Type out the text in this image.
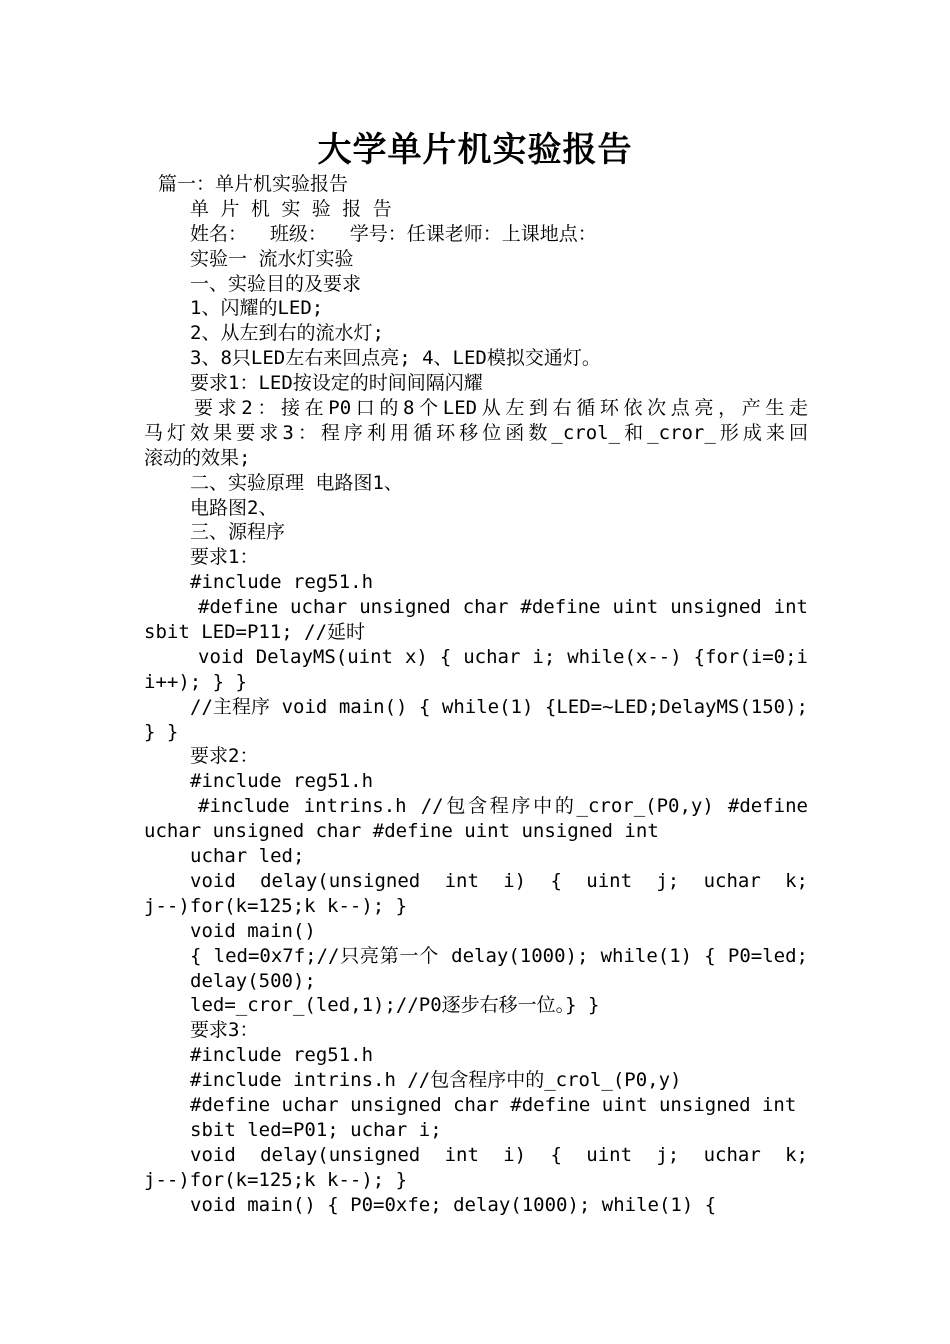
大学单片机实验报告
篇一：单片机实验报告
单 片 机 实 验 报 告
姓名：  班级：  学号：任课老师：上课地点：
实验一 流水灯实验
一、实验目的及要求
1、闪耀的LED;
2、从左到右的流水灯;
3、8只LED左右来回点亮; 4、LED模拟交通灯。
要求1：LED按设定的时间间隔闪耀
要求2：接在P0口的8个LED从左到右循环依次点亮，产生走
马灯效果要求3：程序利用循环移位函数_crol_和_cror_形成来回
滚动的效果;
二、实验原理 电路图1、
电路图2、
三、源程序
要求1：
#include reg51.h
#define uchar unsigned char #define uint unsigned int
sbit LED=P11; //延时
void DelayMS(uint x) { uchar i; while(x--) {for(i=0;i
i++); } }
//主程序 void main() { while(1) {LED=~LED;DelayMS(150);
} }
要求2：
#include reg51.h
#include intrins.h //包含程序中的_cror_(P0,y) #define
uchar unsigned char #define uint unsigned int
uchar led;
void delay(unsigned int i) { uint j; uchar k;
j--)for(k=125;k k--); }
void main()
{ led=0x7f;//只亮第一个 delay(1000); while(1) { P0=led;
delay(500);
led=_cror_(led,1);//P0逐步右移一位。} }
要求3：
#include reg51.h
#include intrins.h //包含程序中的_crol_(P0,y)
#define uchar unsigned char #define uint unsigned int
sbit led=P01; uchar i;
void delay(unsigned int i) { uint j; uchar k;
j--)for(k=125;k k--); }
void main() { P0=0xfe; delay(1000); while(1) {
